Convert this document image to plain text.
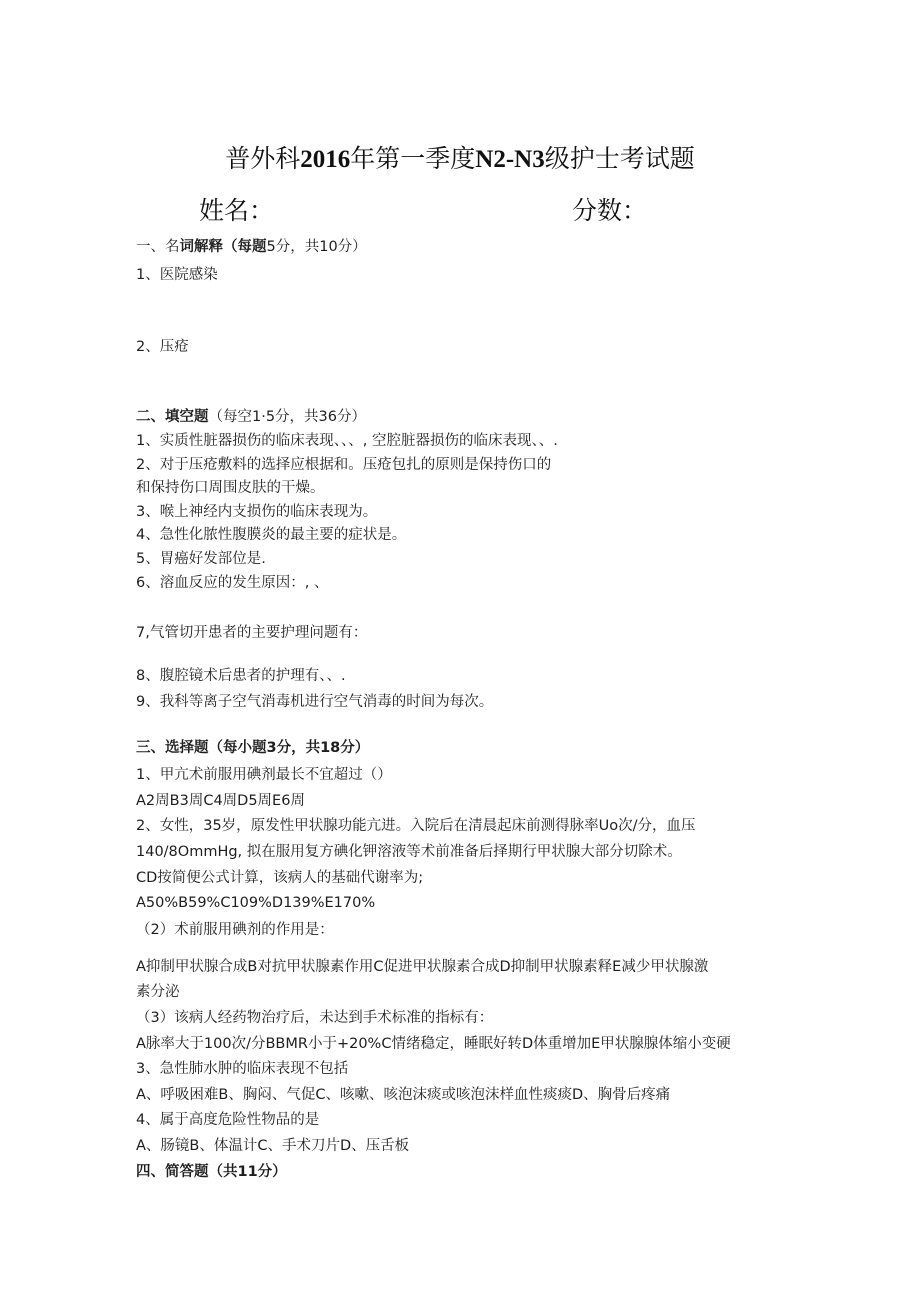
普外科2016年第一季度N2-N3级护士考试题
姓名：	分数：
一、名词解释（每题5分，共10分）
1、医院感染
2、压疮
二、填空题（每空1·5分，共36分）
1、实质性脏器损伤的临床表现、、、, 空腔脏器损伤的临床表现、、.
2、对于压疮敷料的选择应根据和。压疮包扎的原则是保持伤口的
和保持伤口周围皮肤的干燥。
3、喉上神经内支损伤的临床表现为。
4、急性化脓性腹膜炎的最主要的症状是。
5、胃癌好发部位是.
6、溶血反应的发生原因：, 、
7,气管切开患者的主要护理问题有：
8、腹腔镜术后患者的护理有、、.
9、我科等离子空气消毒机进行空气消毒的时间为每次。
三、选择题（每小题3分，共18分）
1、甲亢术前服用碘剂最长不宜超过（）
A2周B3周C4周D5周E6周
2、女性，35岁，原发性甲状腺功能亢进。入院后在清晨起床前测得脉率Uo次/分，血压
140/8OmmHg, 拟在服用复方碘化钾溶液等术前准备后择期行甲状腺大部分切除术。
CD按简便公式计算，该病人的基础代谢率为;
A50%B59%C109%D139%E170%
（2）术前服用碘剂的作用是：
A抑制甲状腺合成B对抗甲状腺素作用C促进甲状腺素合成D抑制甲状腺素释E减少甲状腺激
素分泌
（3）该病人经药物治疗后，未达到手术标准的指标有：
A脉率大于100次/分BBMR小于+20%C情绪稳定，睡眠好转D体重增加E甲状腺腺体缩小变硬
3、急性肺水肿的临床表现不包括
A、呼吸困难B、胸闷、气促C、咳嗽、咳泡沫痰或咳泡沫样血性痰痰D、胸骨后疼痛
4、属于高度危险性物品的是
A、肠镜B、体温计C、手术刀片D、压舌板
四、简答题（共11分）
